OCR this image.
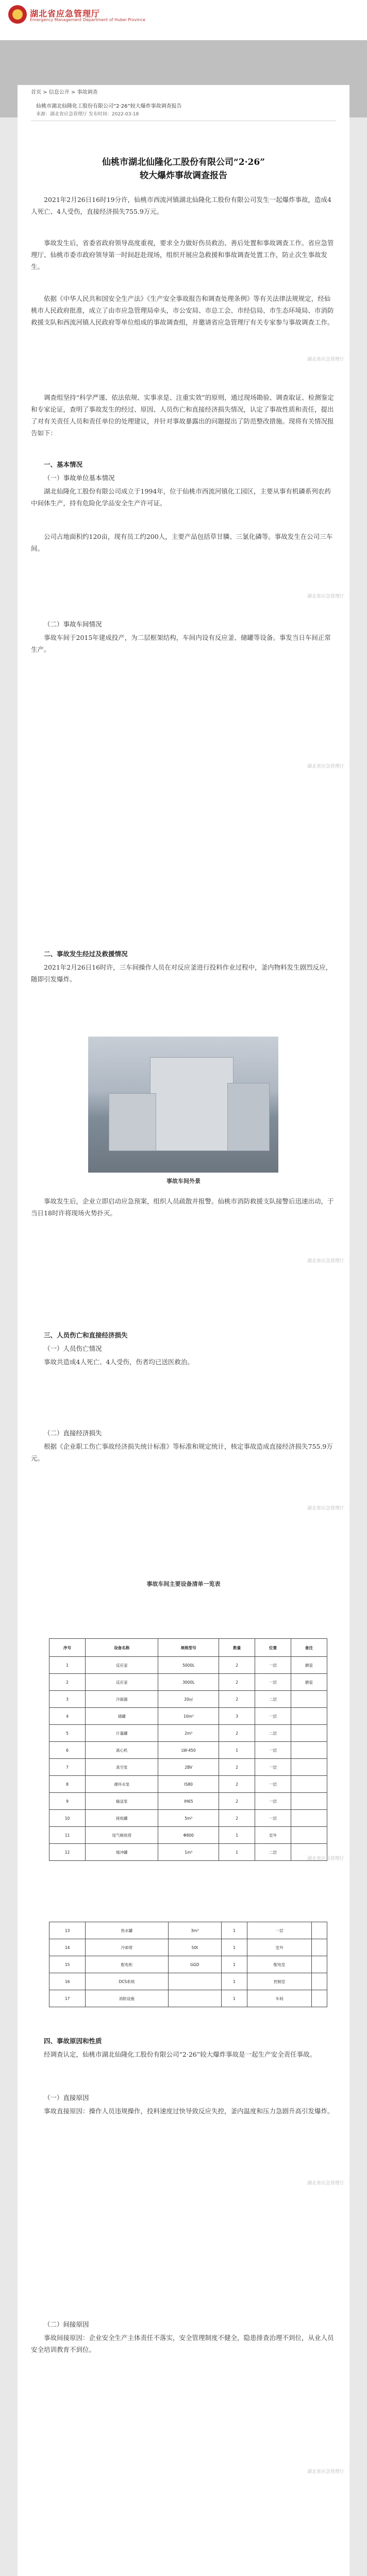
湖北省应急管理厅
Emergency Management Department of Hubei Province
首页 > 信息公开 > 事故调查
仙桃市湖北仙隆化工股份有限公司“2·26”较大爆炸事故调查报告
来源：湖北省应急管理厅 发布时间：2022-03-18
仙桃市湖北仙隆化工股份有限公司“2·26”
较大爆炸事故调查报告
2021年2月26日16时19分许，仙桃市西流河镇湖北仙隆化工股份有限公司发生一起爆炸事故，造成4人死亡、4人受伤，直接经济损失755.9万元。
事故发生后，省委省政府领导高度重视，要求全力做好伤员救治、善后处置和事故调查工作。省应急管理厅、仙桃市委市政府领导第一时间赶赴现场，组织开展应急救援和事故调查处置工作，防止次生事故发生。
依据《中华人民共和国安全生产法》《生产安全事故报告和调查处理条例》等有关法律法规规定，经仙桃市人民政府批准，成立了由市应急管理局牵头，市公安局、市总工会、市经信局、市生态环境局、市消防救援支队和西流河镇人民政府等单位组成的事故调查组，并邀请省应急管理厅有关专家参与事故调查工作。
湖北省应急管理厅
调查组坚持“科学严谨、依法依规、实事求是、注重实效”的原则，通过现场勘验、调查取证、检测鉴定和专家论证，查明了事故发生的经过、原因、人员伤亡和直接经济损失情况，认定了事故性质和责任，提出了对有关责任人员和责任单位的处理建议，并针对事故暴露出的问题提出了防范整改措施。现将有关情况报告如下：
一、基本情况
（一）事故单位基本情况
湖北仙隆化工股份有限公司成立于1994年，位于仙桃市西流河镇化工园区，主要从事有机磷系列农药中间体生产，持有危险化学品安全生产许可证。
公司占地面积约120亩，现有员工约200人，主要产品包括草甘膦、三氯化磷等。事故发生在公司三车间。
湖北省应急管理厅
（二）事故车间情况
事故车间于2015年建成投产，为二层框架结构，车间内设有反应釜、储罐等设备。事发当日车间正常生产。
湖北省应急管理厅
二、事故发生经过及救援情况
2021年2月26日16时许，三车间操作人员在对反应釜进行投料作业过程中，釜内物料发生剧烈反应，随即引发爆炸。
事故车间外景
事故发生后，企业立即启动应急预案，组织人员疏散并报警。仙桃市消防救援支队接警后迅速出动，于当日18时许将现场火势扑灭。
湖北省应急管理厅
三、人员伤亡和直接经济损失
（一）人员伤亡情况
事故共造成4人死亡、4人受伤，伤者均已送医救治。
（二）直接经济损失
根据《企业职工伤亡事故经济损失统计标准》等标准和规定统计，核定事故造成直接经济损失755.9万元。
湖北省应急管理厅
事故车间主要设备清单一览表
序号	设备名称	规格型号	数量	位置	备注
1	反应釜	5000L	2	一层	搪瓷
2	反应釜	3000L	2	一层	搪瓷
3	冷凝器	20㎡	2	二层	
4	储罐	10m³	3	一层	
5	计量罐	2m³	2	二层	
6	离心机	LW-450	1	一层	
7	真空泵	2BV	2	一层	
8	循环水泵	IS80	2	一层	
9	输送泵	IH65	2	一层	
10	接收罐	5m³	2	一层	
11	尾气吸收塔	Φ800	1	室外	
12	缓冲罐	1m³	1	二层	
湖北省应急管理厅
13	热水罐	3m³	1	一层	
14	冷却塔	50t	1	室外	
15	配电柜	GGD	1	配电室	
16	DCS系统		1	控制室	
17	消防设施		1	车间	
四、事故原因和性质
经调查认定，仙桃市湖北仙隆化工股份有限公司“2·26”较大爆炸事故是一起生产安全责任事故。
（一）直接原因
事故直接原因：操作人员违规操作，投料速度过快导致反应失控，釜内温度和压力急剧升高引发爆炸。
湖北省应急管理厅
（二）间接原因
事故间接原因：企业安全生产主体责任不落实，安全管理制度不健全，隐患排查治理不到位，从业人员安全培训教育不到位。
湖北省应急管理厅
